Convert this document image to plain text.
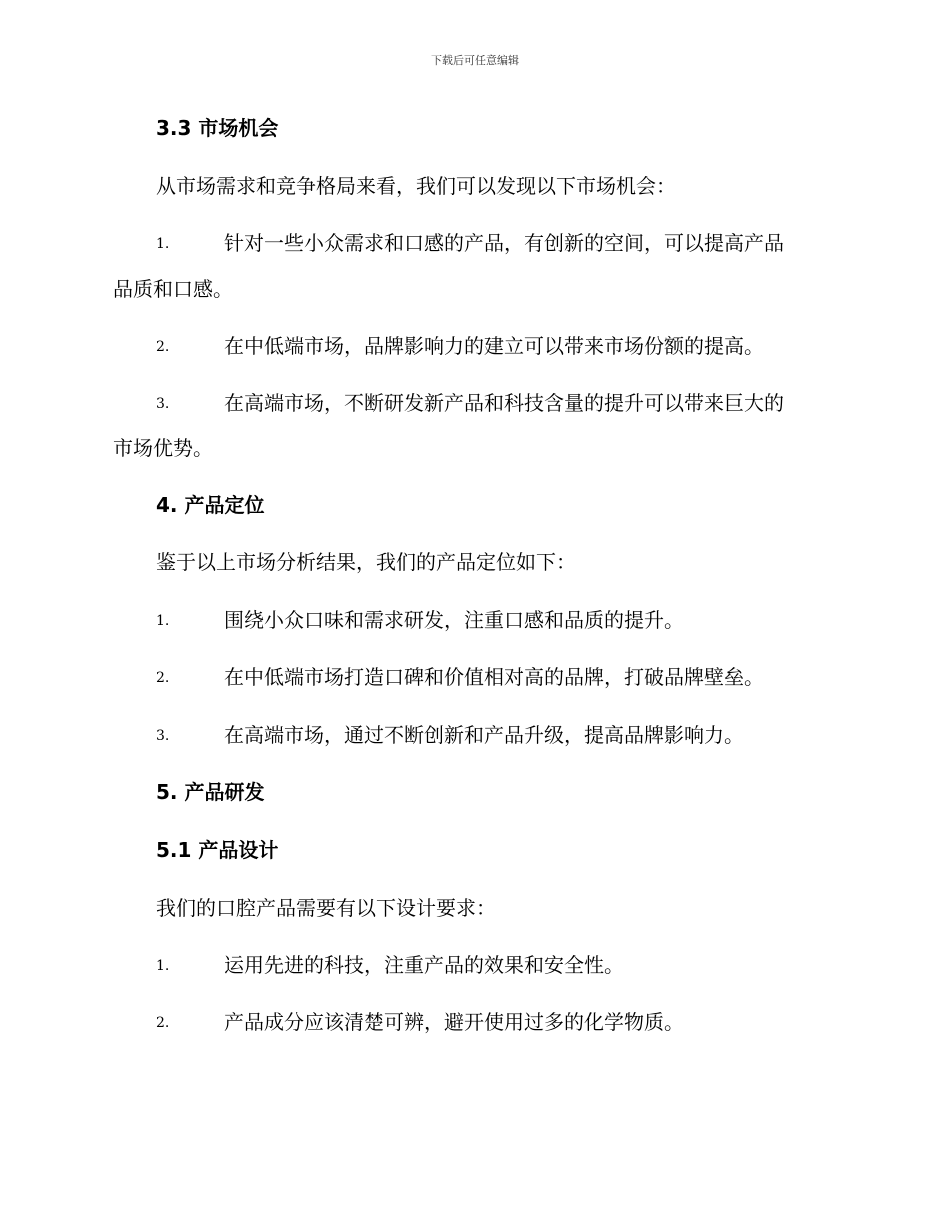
下载后可任意编辑
3.3 市场机会
从市场需求和竞争格局来看，我们可以发现以下市场机会：
1.	针对一些小众需求和口感的产品，有创新的空间，可以提高产品
品质和口感。
2.	在中低端市场，品牌影响力的建立可以带来市场份额的提高。
3.	在高端市场，不断研发新产品和科技含量的提升可以带来巨大的
市场优势。
4. 产品定位
鉴于以上市场分析结果，我们的产品定位如下：
1.	围绕小众口味和需求研发，注重口感和品质的提升。
2.	在中低端市场打造口碑和价值相对高的品牌，打破品牌壁垒。
3.	在高端市场，通过不断创新和产品升级，提高品牌影响力。
5. 产品研发
5.1 产品设计
我们的口腔产品需要有以下设计要求：
1.	运用先进的科技，注重产品的效果和安全性。
2.	产品成分应该清楚可辨，避开使用过多的化学物质。
